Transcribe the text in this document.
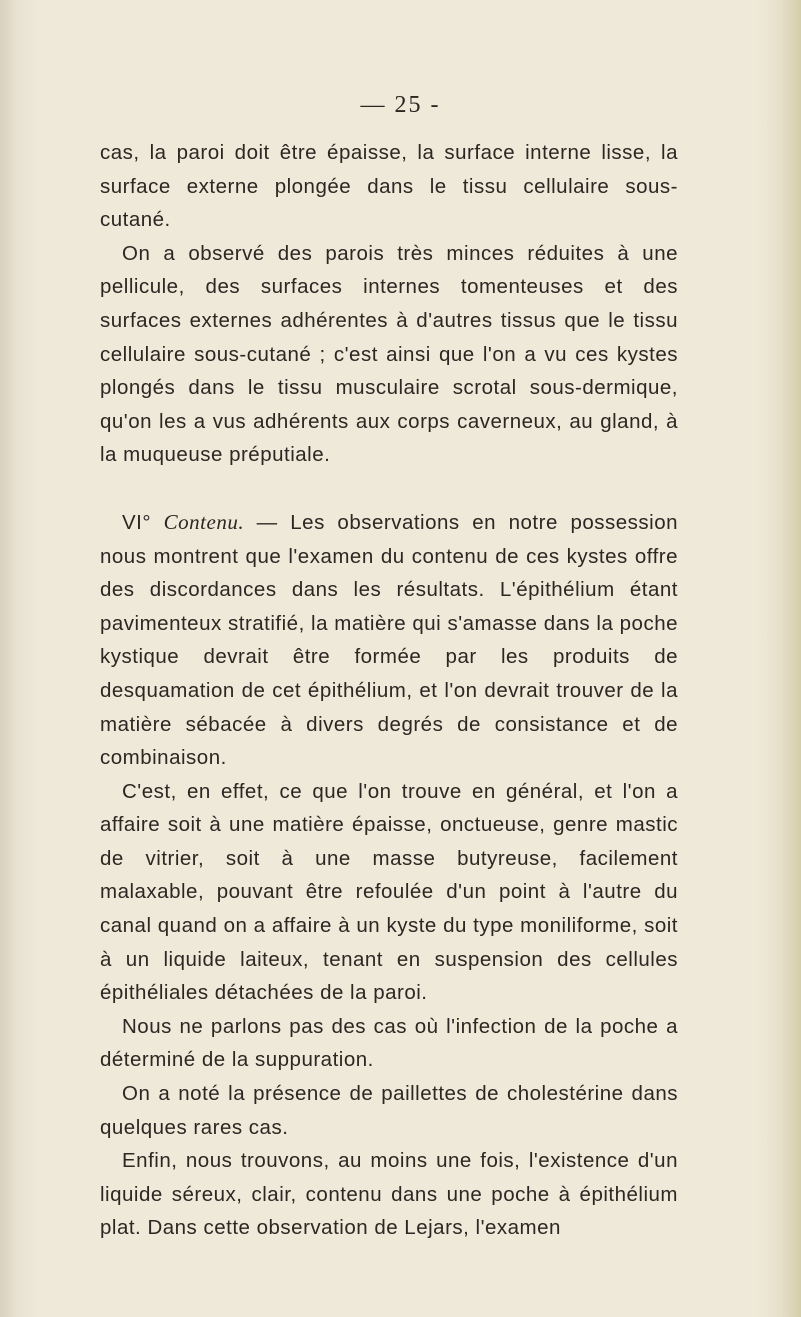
— 25 -

cas, la paroi doit être épaisse, la surface interne lisse, la surface externe plongée dans le tissu cellulaire sous-cutané.

On a observé des parois très minces réduites à une pellicule, des surfaces internes tomenteuses et des surfaces externes adhérentes à d'autres tissus que le tissu cellulaire sous-cutané ; c'est ainsi que l'on a vu ces kystes plongés dans le tissu musculaire scrotal sous-dermique, qu'on les a vus adhérents aux corps caverneux, au gland, à la muqueuse préputiale.

VI° Contenu. — Les observations en notre possession nous montrent que l'examen du contenu de ces kystes offre des discordances dans les résultats. L'épithélium étant pavimenteux stratifié, la matière qui s'amasse dans la poche kystique devrait être formée par les produits de desquamation de cet épithélium, et l'on devrait trouver de la matière sébacée à divers degrés de consistance et de combinaison.

C'est, en effet, ce que l'on trouve en général, et l'on a affaire soit à une matière épaisse, onctueuse, genre mastic de vitrier, soit à une masse butyreuse, facilement malaxable, pouvant être refoulée d'un point à l'autre du canal quand on a affaire à un kyste du type moniliforme, soit à un liquide laiteux, tenant en suspension des cellules épithéliales détachées de la paroi.

Nous ne parlons pas des cas où l'infection de la poche a déterminé de la suppuration.

On a noté la présence de paillettes de cholestérine dans quelques rares cas.

Enfin, nous trouvons, au moins une fois, l'existence d'un liquide séreux, clair, contenu dans une poche à épithélium plat. Dans cette observation de Lejars, l'examen
